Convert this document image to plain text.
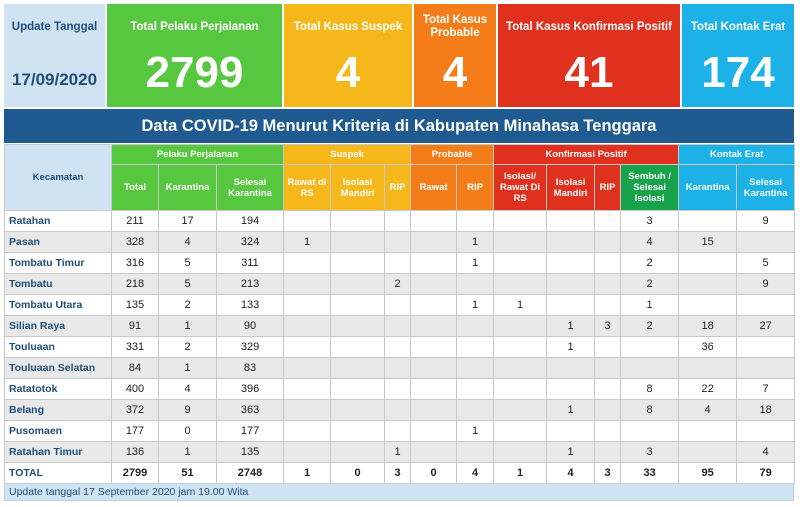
Update Tanggal
17/09/2020
Total Pelaku Perjalanan
2799
Total Kasus Suspek
4
Total Kasus Probable
4
Total Kasus Konfirmasi Positif
41
Total Kontak Erat
174
Data COVID-19 Menurut Kriteria di Kabupaten Minahasa Tenggara
Kecamatan	Pelaku Perjalanan			Suspek			Probable		Konfirmasi Positif				Kontak Erat	
	Total	Karantina	Selesai Karantina	Rawat di RS	Isolasi Mandiri	RIP	Rawat	RIP	Isolasi/ Rawat Di RS	Isolasi Mandiri	RIP	Sembuh / Selesai Isolasi	Karantina	Selesai Karantina
Ratahan	211	17	194									3		9
Pasan	328	4	324	1				1				4	15	
Tombatu Timur	316	5	311					1				2		5
Tombatu	218	5	213			2						2		9
Tombatu Utara	135	2	133					1	1			1		
Silian Raya	91	1	90							1	3	2	18	27
Touluaan	331	2	329							1			36	
Touluaan Selatan	84	1	83											
Ratatotok	400	4	396									8	22	7
Belang	372	9	363							1		8	4	18
Pusomaen	177	0	177					1						
Ratahan Timur	136	1	135			1				1		3		4
TOTAL	2799	51	2748	1	0	3	0	4	1	4	3	33	95	79
Update tanggal 17 September 2020 jam 19.00 Wita
